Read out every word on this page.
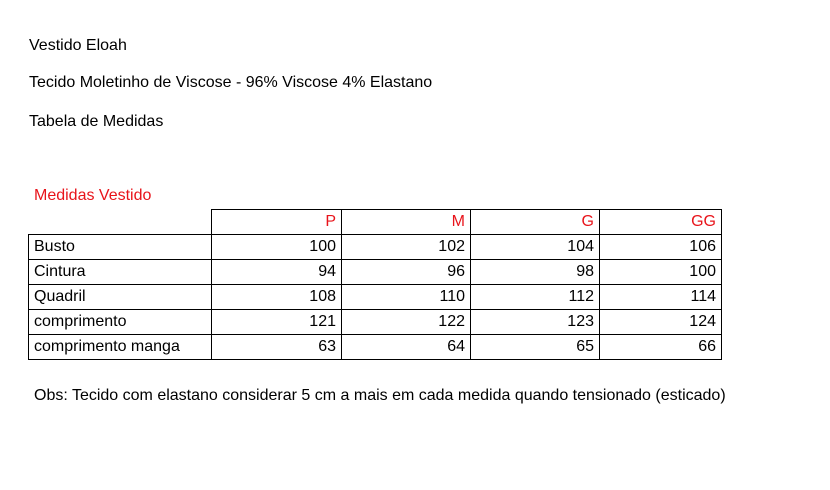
Vestido Eloah
Tecido Moletinho de Viscose - 96% Viscose 4% Elastano
Tabela de Medidas
Medidas Vestido
	P	M	G	GG
Busto	100	102	104	106
Cintura	94	96	98	100
Quadril	108	110	112	114
comprimento	121	122	123	124
comprimento manga	63	64	65	66
Obs: Tecido com elastano considerar 5 cm a mais em cada medida quando tensionado (esticado)
